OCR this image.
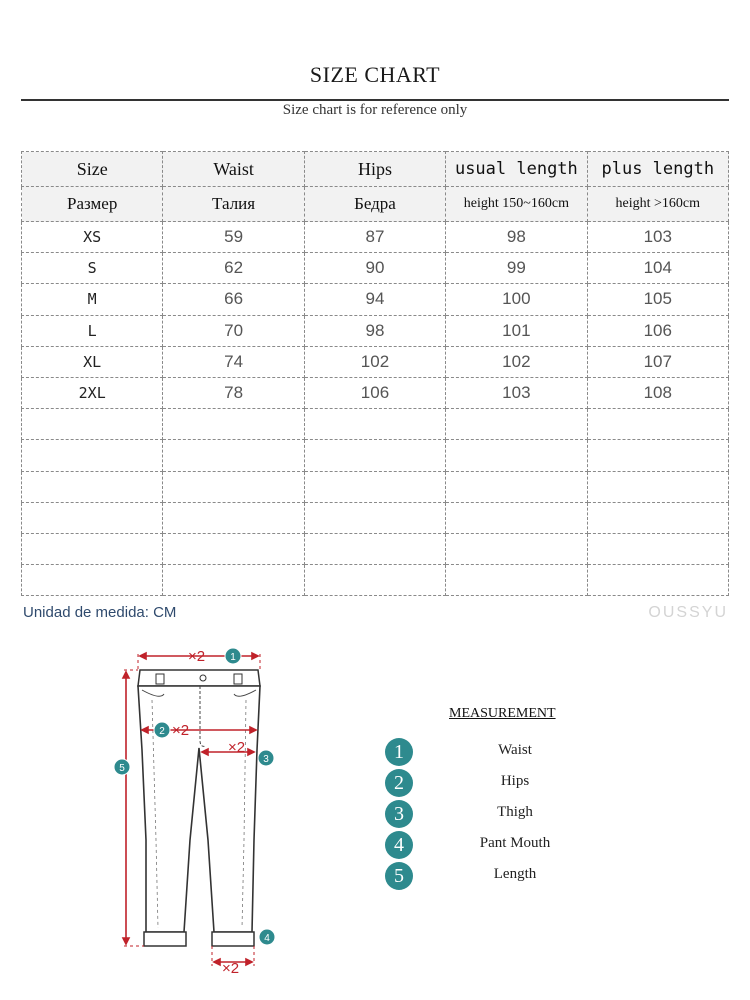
SIZE CHART
Size chart is for reference only
Size	Waist	Hips	usual length	plus length
Размер	Талия	Бедра	height 150~160cm	height >160cm
XS	59	87	98	103
S	62	90	99	104
M	66	94	100	105
L	70	98	101	106
XL	74	102	102	107
2XL	78	106	103	108

Unidad de medida: CM	OUSSYU
×2
×2
×2
×2
1
2
3
4
5
MEASUREMENT
1	Waist
2	Hips
3	Thigh
4	Pant Mouth
5	Length
